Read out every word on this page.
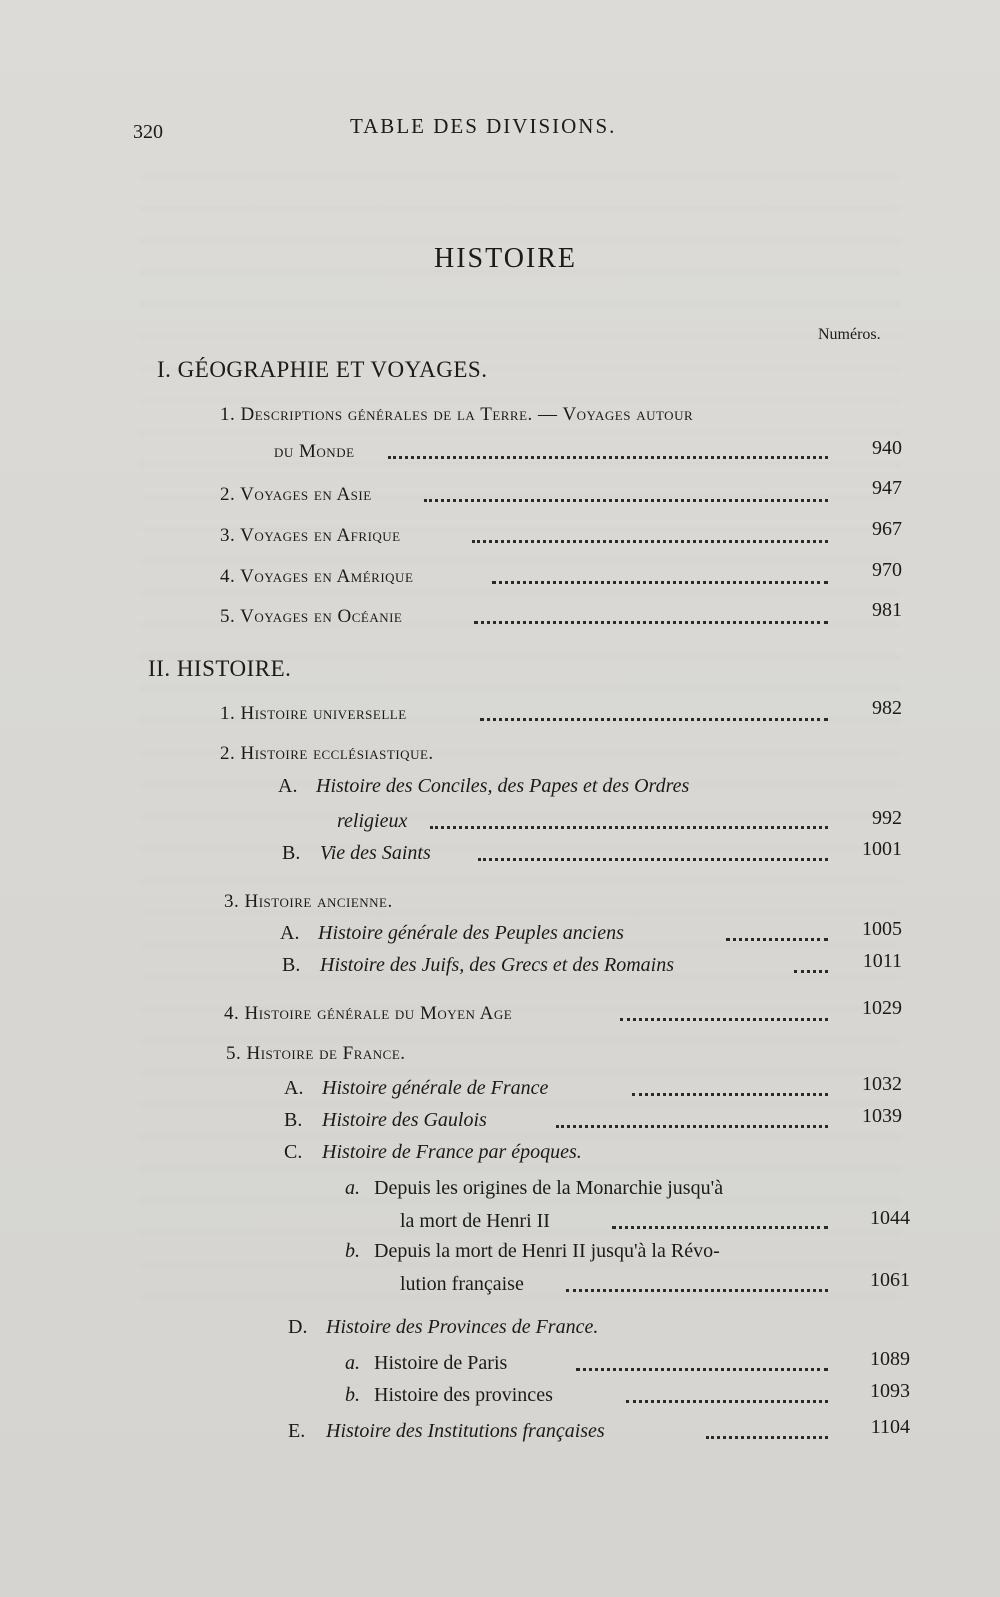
320	TABLE DES DIVISIONS.
HISTOIRE
Numéros.
I. GÉOGRAPHIE ET VOYAGES.
1. Descriptions générales de la Terre. — Voyages autour
du Monde	940
2. Voyages en Asie	947
3. Voyages en Afrique	967
4. Voyages en Amérique	970
5. Voyages en Océanie	981
II. HISTOIRE.
1. Histoire universelle	982
2. Histoire ecclésiastique.
A. Histoire des Conciles, des Papes et des Ordres
religieux	992
B. Vie des Saints	1001
3. Histoire ancienne.
A. Histoire générale des Peuples anciens	1005
B. Histoire des Juifs, des Grecs et des Romains	1011
4. Histoire générale du Moyen Age	1029
5. Histoire de France.
A. Histoire générale de France	1032
B. Histoire des Gaulois	1039
C. Histoire de France par époques.
a. Depuis les origines de la Monarchie jusqu'à
la mort de Henri II	1044
b. Depuis la mort de Henri II jusqu'à la Révo-
lution française	1061
D. Histoire des Provinces de France.
a. Histoire de Paris	1089
b. Histoire des provinces	1093
E. Histoire des Institutions françaises	1104
